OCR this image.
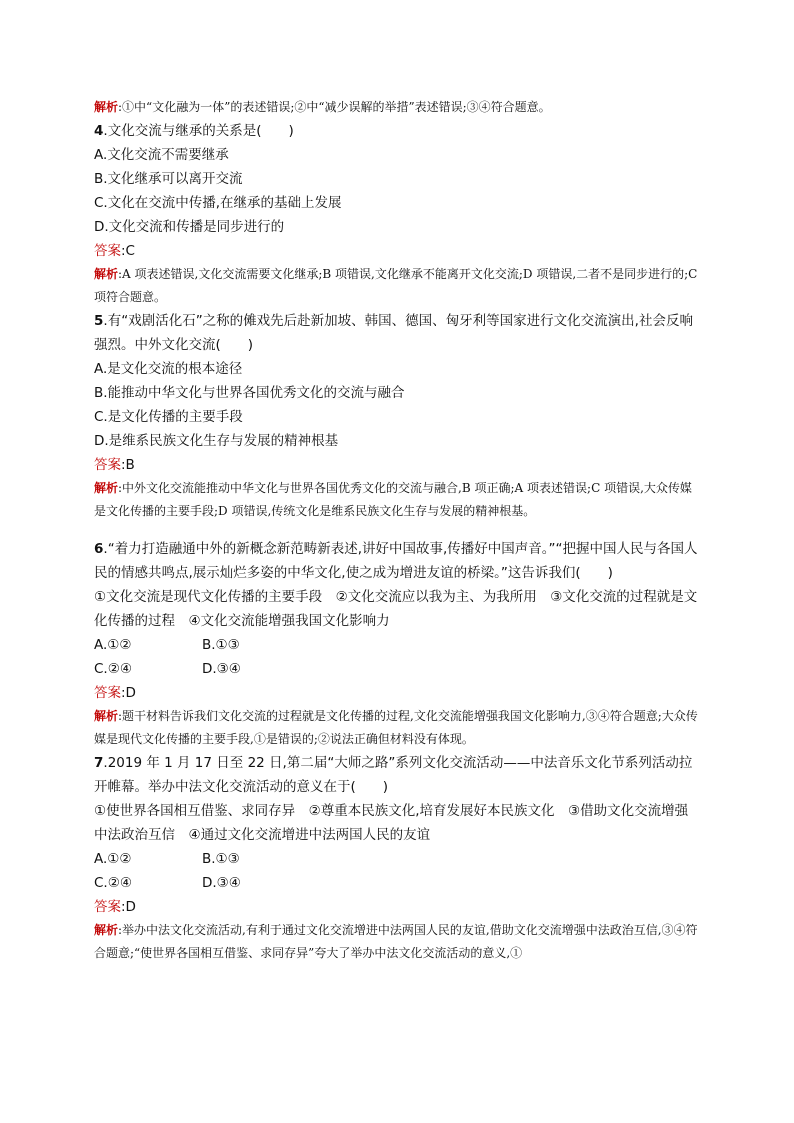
解析:①中“文化融为一体”的表述错误;②中“减少误解的举措”表述错误;③④符合题意。
4.文化交流与继承的关系是(　　)
A.文化交流不需要继承
B.文化继承可以离开交流
C.文化在交流中传播,在继承的基础上发展
D.文化交流和传播是同步进行的
答案:C
解析:A 项表述错误,文化交流需要文化继承;B 项错误,文化继承不能离开文化交流;D 项错误,二者不是同步进行的;C 项符合题意。
5.有“戏剧活化石”之称的傩戏先后赴新加坡、韩国、德国、匈牙利等国家进行文化交流演出,社会反响强烈。中外文化交流(　　)
A.是文化交流的根本途径
B.能推动中华文化与世界各国优秀文化的交流与融合
C.是文化传播的主要手段
D.是维系民族文化生存与发展的精神根基
答案:B
解析:中外文化交流能推动中华文化与世界各国优秀文化的交流与融合,B 项正确;A 项表述错误;C 项错误,大众传媒是文化传播的主要手段;D 项错误,传统文化是维系民族文化生存与发展的精神根基。
6.“着力打造融通中外的新概念新范畴新表述,讲好中国故事,传播好中国声音。”“把握中国人民与各国人民的情感共鸣点,展示灿烂多姿的中华文化,使之成为增进友谊的桥梁。”这告诉我们(　　)
①文化交流是现代文化传播的主要手段　②文化交流应以我为主、为我所用　③文化交流的过程就是文化传播的过程　④文化交流能增强我国文化影响力
A.①②	B.①③
C.②④	D.③④
答案:D
解析:题干材料告诉我们文化交流的过程就是文化传播的过程,文化交流能增强我国文化影响力,③④符合题意;大众传媒是现代文化传播的主要手段,①是错误的;②说法正确但材料没有体现。
7.2019 年 1 月 17 日至 22 日,第二届“大师之路”系列文化交流活动——中法音乐文化节系列活动拉开帷幕。举办中法文化交流活动的意义在于(　　)
①使世界各国相互借鉴、求同存异　②尊重本民族文化,培育发展好本民族文化　③借助文化交流增强中法政治互信　④通过文化交流增进中法两国人民的友谊
A.①②	B.①③
C.②④	D.③④
答案:D
解析:举办中法文化交流活动,有利于通过文化交流增进中法两国人民的友谊,借助文化交流增强中法政治互信,③④符合题意;“使世界各国相互借鉴、求同存异”夸大了举办中法文化交流活动的意义,①
